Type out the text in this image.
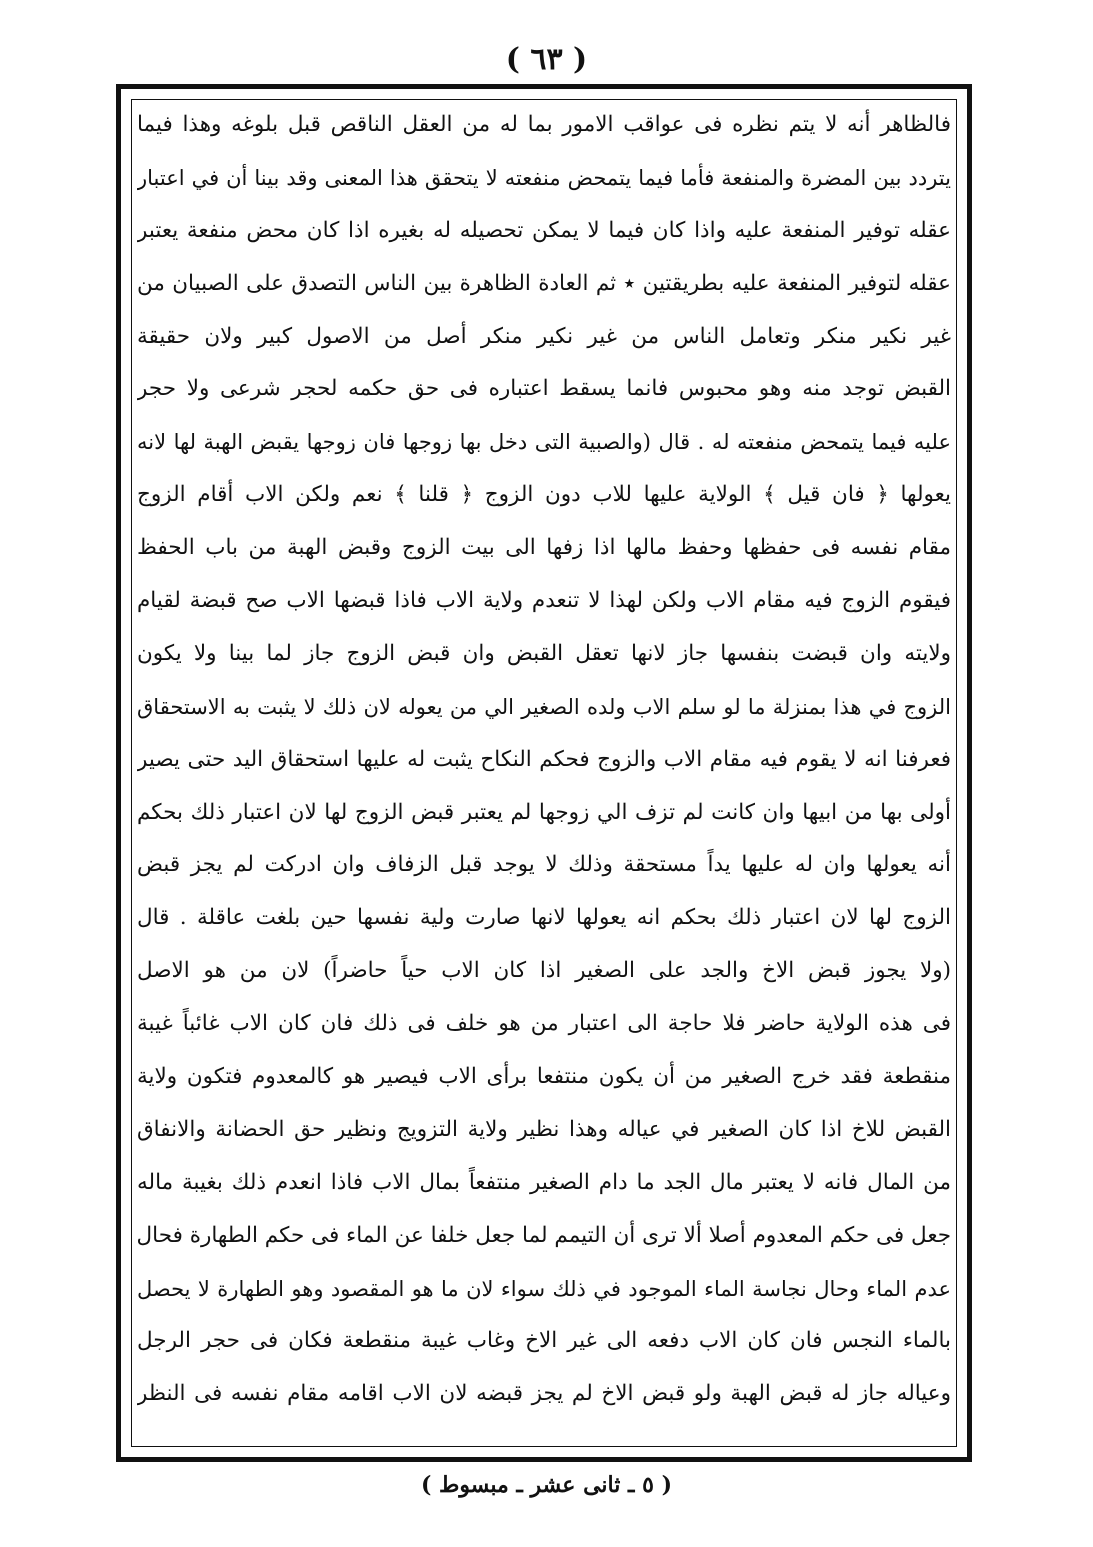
( ٦٣ )
فالظاهر أنه لا يتم نظره فى عواقب الامور بما له من العقل الناقص قبل بلوغه وهذا فيما
يتردد بين المضرة والمنفعة فأما فيما يتمحض منفعته لا يتحقق هذا المعنى وقد بينا أن في اعتبار
عقله توفير المنفعة عليه واذا كان فيما لا يمكن تحصيله له بغيره اذا كان محض منفعة يعتبر
عقله لتوفير المنفعة عليه بطريقتين ٭ ثم العادة الظاهرة بين الناس التصدق على الصبيان من
غير نكير منكر وتعامل الناس من غير نكير منكر أصل من الاصول كبير ولان حقيقة
القبض توجد منه وهو محبوس فانما يسقط اعتباره فى حق حكمه لحجر شرعى ولا حجر
عليه فيما يتمحض منفعته له . قال (والصبية التى دخل بها زوجها فان زوجها يقبض الهبة لها لانه
يعولها ﴿ فان قيل ﴾ الولاية عليها للاب دون الزوج ﴿ قلنا ﴾ نعم ولكن الاب أقام الزوج
مقام نفسه فى حفظها وحفظ مالها اذا زفها الى بيت الزوج وقبض الهبة من باب الحفظ
فيقوم الزوج فيه مقام الاب ولكن لهذا لا تنعدم ولاية الاب فاذا قبضها الاب صح قبضة لقيام
ولايته وان قبضت بنفسها جاز لانها تعقل القبض وان قبض الزوج جاز لما بينا ولا يكون
الزوج في هذا بمنزلة ما لو سلم الاب ولده الصغير الي من يعوله لان ذلك لا يثبت به الاستحقاق
فعرفنا انه لا يقوم فيه مقام الاب والزوج فحكم النكاح يثبت له عليها استحقاق اليد حتى يصير
أولى بها من ابيها وان كانت لم تزف الي زوجها لم يعتبر قبض الزوج لها لان اعتبار ذلك بحكم
أنه يعولها وان له عليها يداً مستحقة وذلك لا يوجد قبل الزفاف وان ادركت لم يجز قبض
الزوج لها لان اعتبار ذلك بحكم انه يعولها لانها صارت ولية نفسها حين بلغت عاقلة . قال
(ولا يجوز قبض الاخ والجد على الصغير اذا كان الاب حياً حاضراً) لان من هو الاصل
فى هذه الولاية حاضر فلا حاجة الى اعتبار من هو خلف فى ذلك فان كان الاب غائباً غيبة
منقطعة فقد خرج الصغير من أن يكون منتفعا برأى الاب فيصير هو كالمعدوم فتكون ولاية
القبض للاخ اذا كان الصغير في عياله وهذا نظير ولاية التزويج ونظير حق الحضانة والانفاق
من المال فانه لا يعتبر مال الجد ما دام الصغير منتفعاً بمال الاب فاذا انعدم ذلك بغيبة ماله
جعل فى حكم المعدوم أصلا ألا ترى أن التيمم لما جعل خلفا عن الماء فى حكم الطهارة فحال
عدم الماء وحال نجاسة الماء الموجود في ذلك سواء لان ما هو المقصود وهو الطهارة لا يحصل
بالماء النجس فان كان الاب دفعه الى غير الاخ وغاب غيبة منقطعة فكان فى حجر الرجل
وعياله جاز له قبض الهبة ولو قبض الاخ لم يجز قبضه لان الاب اقامه مقام نفسه فى النظر
( ٥ ـ ثانى عشر ـ مبسوط )
